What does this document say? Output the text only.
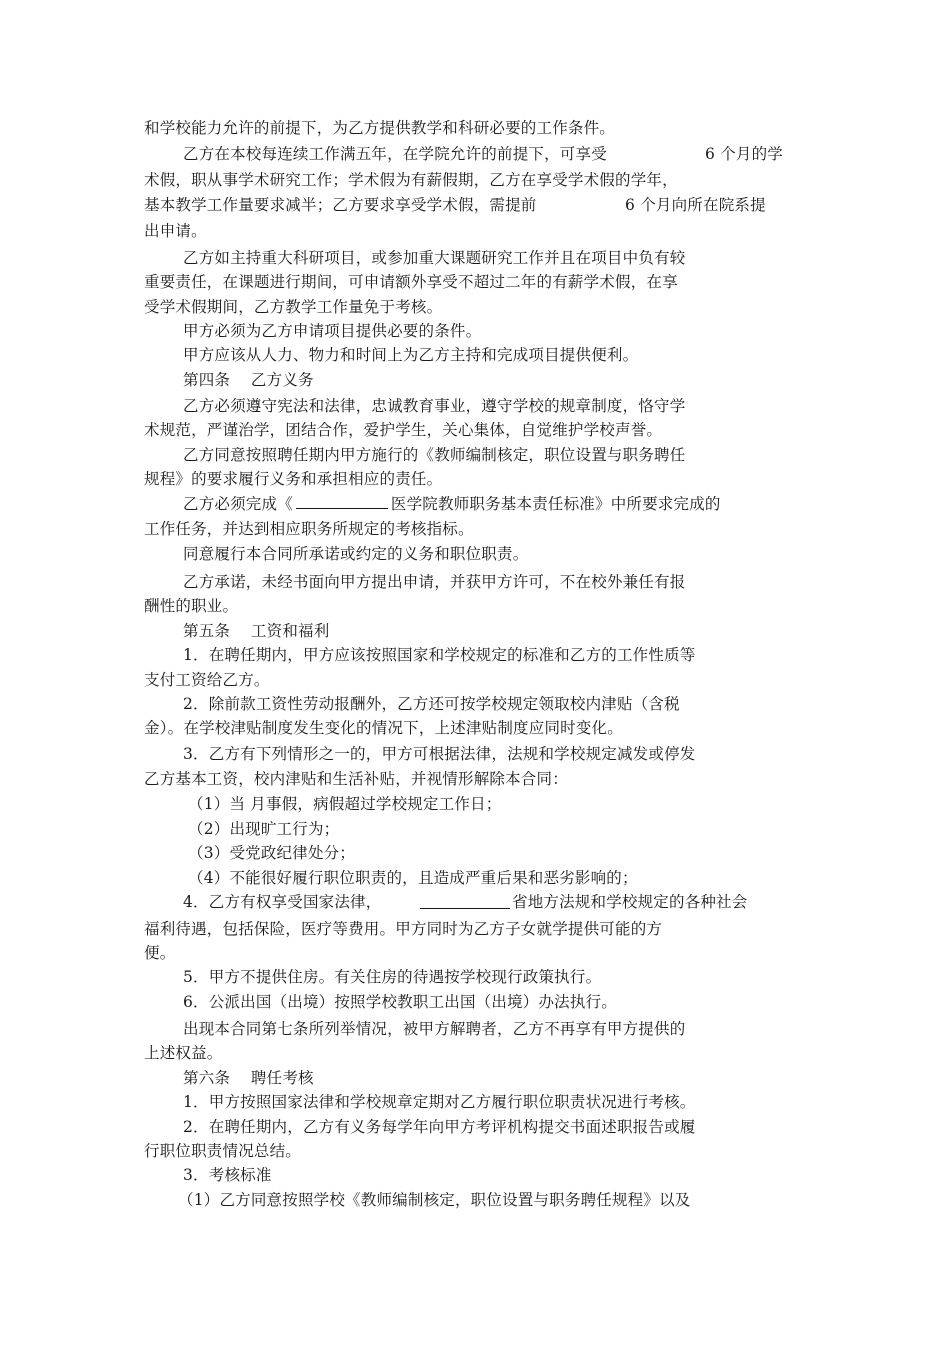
和学校能力允许的前提下，为乙方提供教学和科研必要的工作条件。
乙方在本校每连续工作满五年，在学院允许的前提下，可享受	6 个月的学
术假，职从事学术研究工作；学术假为有薪假期，乙方在享受学术假的学年，
基本教学工作量要求减半；乙方要求享受学术假，需提前	6 个月向所在院系提
出申请。
乙方如主持重大科研项目，或参加重大课题研究工作并且在项目中负有较
重要责任，在课题进行期间，可申请额外享受不超过二年的有薪学术假，在享
受学术假期间，乙方教学工作量免于考核。
甲方必须为乙方申请项目提供必要的条件。
甲方应该从人力、物力和时间上为乙方主持和完成项目提供便利。
第四条　 乙方义务
乙方必须遵守宪法和法律，忠诚教育事业，遵守学校的规章制度，恪守学
术规范，严谨治学，团结合作，爱护学生，关心集体，自觉维护学校声誉。
乙方同意按照聘任期内甲方施行的《教师编制核定，职位设置与职务聘任
规程》的要求履行义务和承担相应的责任。
乙方必须完成《	医学院教师职务基本责任标准》中所要求完成的
工作任务，并达到相应职务所规定的考核指标。
同意履行本合同所承诺或约定的义务和职位职责。
乙方承诺，未经书面向甲方提出申请，并获甲方许可，不在校外兼任有报
酬性的职业。
第五条　 工资和福利
1．在聘任期内，甲方应该按照国家和学校规定的标准和乙方的工作性质等
支付工资给乙方。
2．除前款工资性劳动报酬外，乙方还可按学校规定领取校内津贴（含税
金）。在学校津贴制度发生变化的情况下，上述津贴制度应同时变化。
3．乙方有下列情形之一的，甲方可根据法律，法规和学校规定减发或停发
乙方基本工资，校内津贴和生活补贴，并视情形解除本合同：
（1）当 月事假，病假超过学校规定工作日；
（2）出现旷工行为；
（3）受党政纪律处分；
（4）不能很好履行职位职责的，且造成严重后果和恶劣影响的；
4．乙方有权享受国家法律，	省地方法规和学校规定的各种社会
福利待遇，包括保险，医疗等费用。甲方同时为乙方子女就学提供可能的方
便。
5．甲方不提供住房。有关住房的待遇按学校现行政策执行。
6．公派出国（出境）按照学校教职工出国（出境）办法执行。
出现本合同第七条所列举情况，被甲方解聘者，乙方不再享有甲方提供的
上述权益。
第六条　 聘任考核
1．甲方按照国家法律和学校规章定期对乙方履行职位职责状况进行考核。
2．在聘任期内，乙方有义务每学年向甲方考评机构提交书面述职报告或履
行职位职责情况总结。
3．考核标准
（1）乙方同意按照学校《教师编制核定，职位设置与职务聘任规程》以及
